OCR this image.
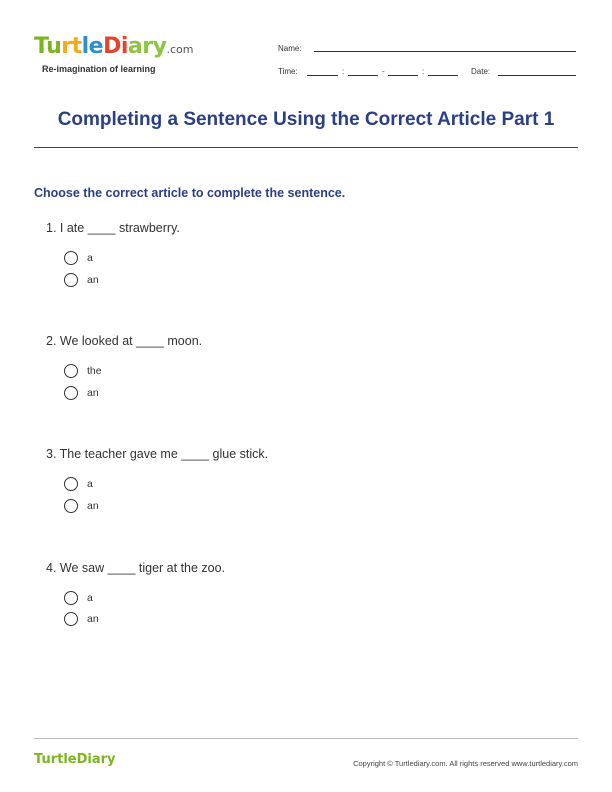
TurtleDiary.com
Re-imagination of learning
Name:
Time:	:	-	:	Date:
Completing a Sentence Using the Correct Article Part 1
Choose the correct article to complete the sentence.
1. I ate ____ strawberry.
a
an
2. We looked at ____ moon.
the
an
3. The teacher gave me ____ glue stick.
a
an
4. We saw ____ tiger at the zoo.
a
an
TurtleDiary	Copyright © Turtlediary.com. All rights reserved www.turtlediary.com
